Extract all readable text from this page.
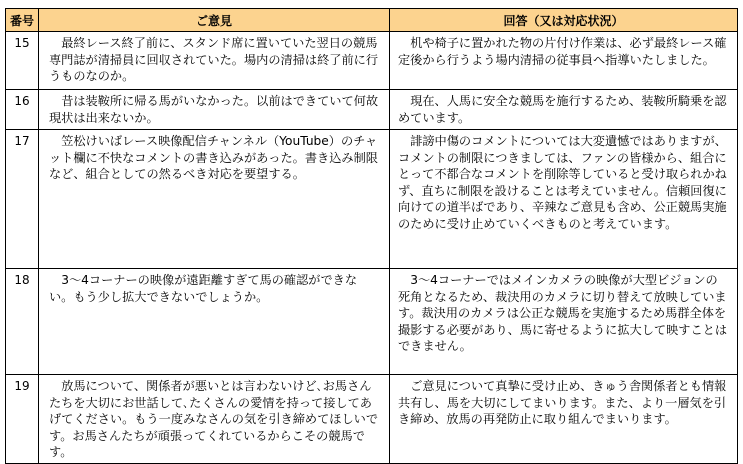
番号	ご意見	回答（又は対応状況）
15	最終レース終了前に、スタンド席に置いていた翌日の競馬専門誌が清掃員に回収されていた。場内の清掃は終了前に行うものなのか。	机や椅子に置かれた物の片付け作業は、必ず最終レース確定後から行うよう場内清掃の従事員へ指導いたしました。
16	昔は装鞍所に帰る馬がいなかった。以前はできていて何故現状は出来ないか。	現在、人馬に安全な競馬を施行するため、装鞍所騎乗を認めています。
17	笠松けいばレース映像配信チャンネル（YouTube）のチャット欄に不快なコメントの書き込みがあった。書き込み制限など、組合としての然るべき対応を要望する。	誹謗中傷のコメントについては大変遺憾ではありますが、コメントの制限につきましては、ファンの皆様から、組合にとって不都合なコメントを削除等していると受け取られかねず、直ちに制限を設けることは考えていません。信頼回復に向けての道半ばであり、辛辣なご意見も含め、公正競馬実施のために受け止めていくべきものと考えています。
18	3～4コーナーの映像が遠距離すぎて馬の確認ができない。もう少し拡大できないでしょうか。	3～4コーナーではメインカメラの映像が大型ビジョンの死角となるため、裁決用のカメラに切り替えて放映しています。裁決用のカメラは公正な競馬を実施するため馬群全体を撮影する必要があり、馬に寄せるように拡大して映すことはできません。
19	放馬について、関係者が悪いとは言わないけど､お馬さんたちを大切にお世話して､たくさんの愛情を持って接してあげてください。もう一度みなさんの気を引き締めてほしいです。お馬さんたちが頑張ってくれているからこその競馬です。	ご意見について真摯に受け止め、きゅう舎関係者とも情報共有し、馬を大切にしてまいります。また、より一層気を引き締め、放馬の再発防止に取り組んでまいります。
